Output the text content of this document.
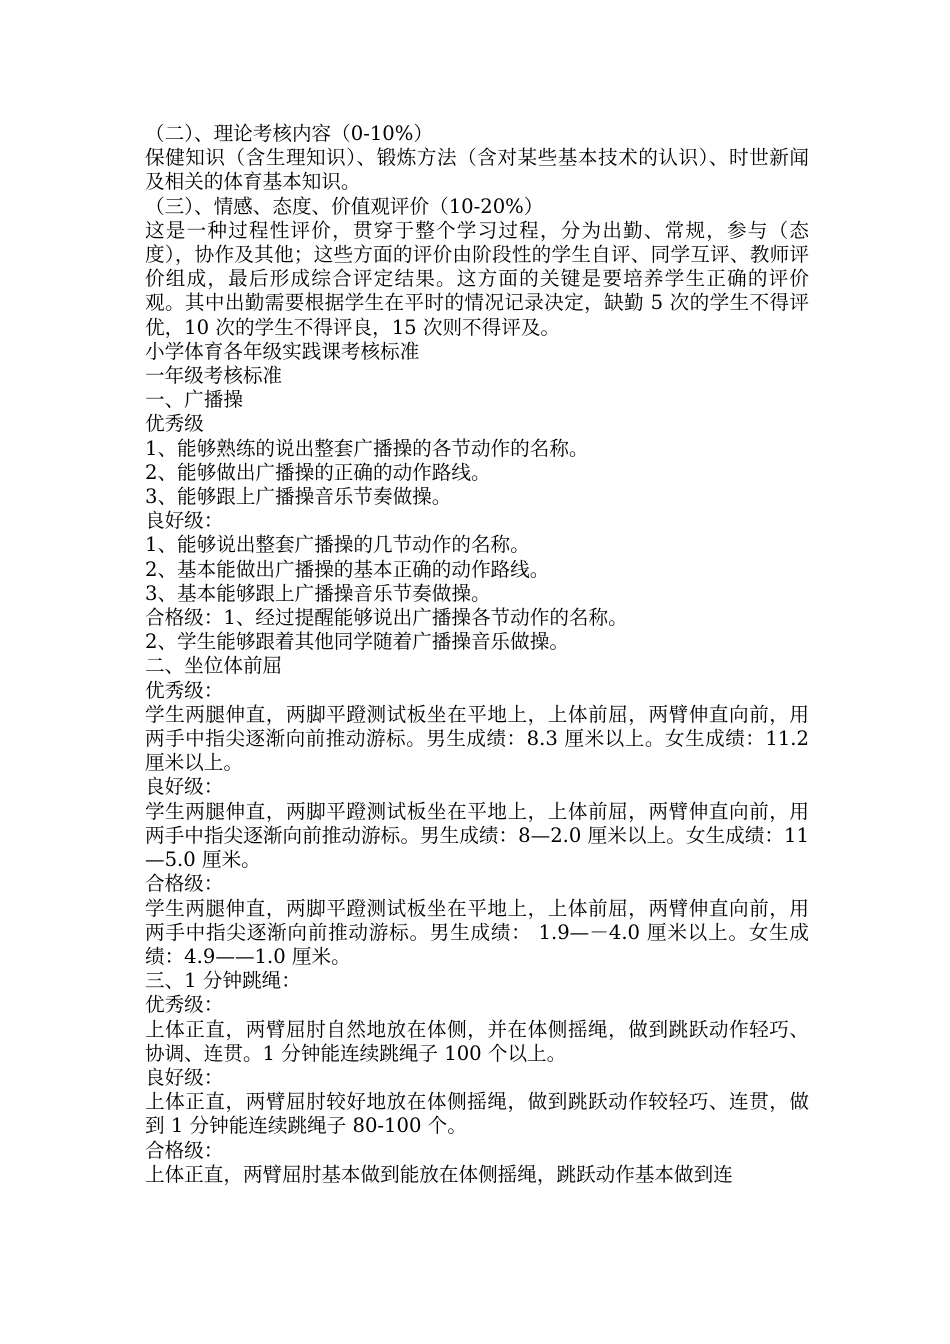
（二）、理论考核内容（0-10%）

保健知识（含生理知识）、锻炼方法（含对某些基本技术的认识）、时世新闻及相关的体育基本知识。

（三）、情感、态度、价值观评价（10-20%）

这是一种过程性评价，贯穿于整个学习过程，分为出勤、常规，参与（态度），协作及其他；这些方面的评价由阶段性的学生自评、同学互评、教师评价组成，最后形成综合评定结果。这方面的关键是要培养学生正确的评价观。其中出勤需要根据学生在平时的情况记录决定，缺勤 5 次的学生不得评优，10 次的学生不得评良，15 次则不得评及。

小学体育各年级实践课考核标准

一年级考核标准

一、广播操

优秀级

1、能够熟练的说出整套广播操的各节动作的名称。

2、能够做出广播操的正确的动作路线。

3、能够跟上广播操音乐节奏做操。

良好级：

1、能够说出整套广播操的几节动作的名称。

2、基本能做出广播操的基本正确的动作路线。

3、基本能够跟上广播操音乐节奏做操。

合格级：1、经过提醒能够说出广播操各节动作的名称。

2、学生能够跟着其他同学随着广播操音乐做操。

二、坐位体前屈

优秀级：

学生两腿伸直，两脚平蹬测试板坐在平地上，上体前屈，两臂伸直向前，用两手中指尖逐渐向前推动游标。男生成绩：8.3 厘米以上。女生成绩：11.2 厘米以上。

良好级：

学生两腿伸直，两脚平蹬测试板坐在平地上，上体前屈，两臂伸直向前，用两手中指尖逐渐向前推动游标。男生成绩：8—2.0 厘米以上。女生成绩：11—5.0 厘米。

合格级：

学生两腿伸直，两脚平蹬测试板坐在平地上，上体前屈，两臂伸直向前，用两手中指尖逐渐向前推动游标。男生成绩： 1.9—－4.0 厘米以上。女生成绩：4.9——1.0 厘米。

三、1 分钟跳绳：

优秀级：

上体正直，两臂屈肘自然地放在体侧，并在体侧摇绳，做到跳跃动作轻巧、协调、连贯。1 分钟能连续跳绳子 100 个以上。

良好级：

上体正直，两臂屈肘较好地放在体侧摇绳，做到跳跃动作较轻巧、连贯，做到 1 分钟能连续跳绳子 80-100 个。

合格级：

上体正直，两臂屈肘基本做到能放在体侧摇绳，跳跃动作基本做到连
